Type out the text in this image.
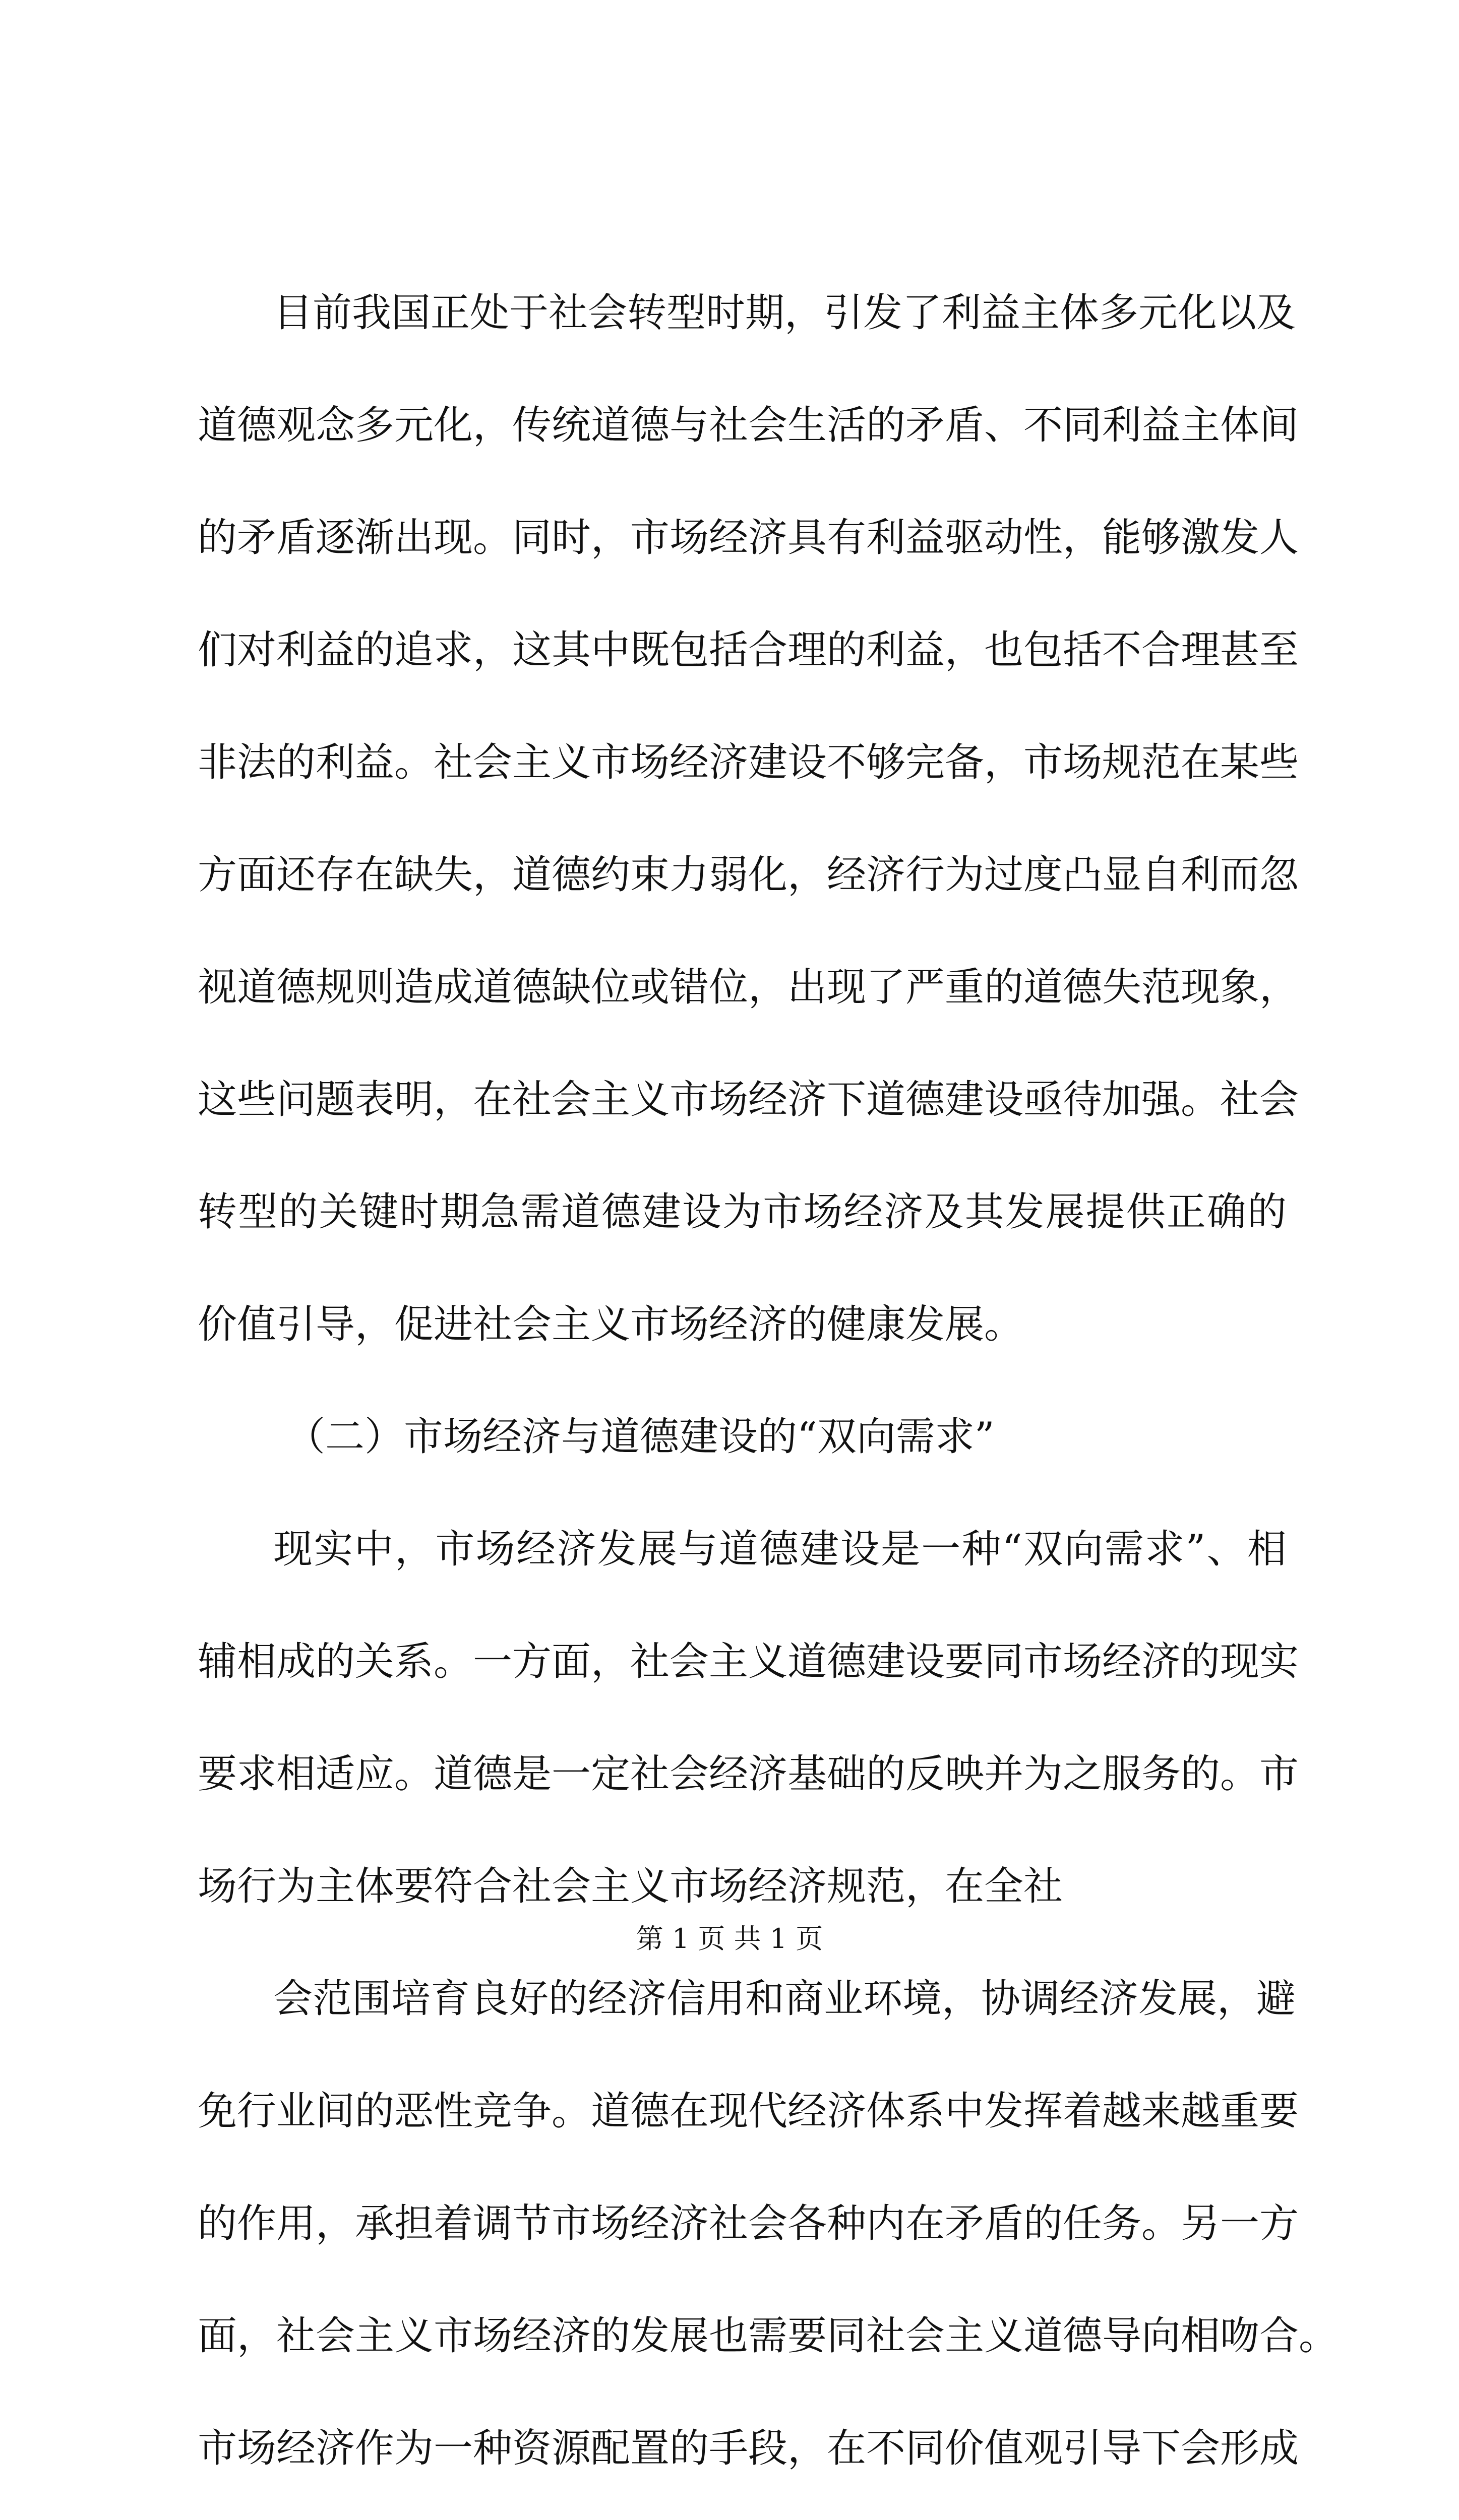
目前我国正处于社会转型时期，引发了利益主体多元化以及
道德观念多元化，传统道德与社会生活的矛盾、不同利益主体间
的矛盾逐渐出现。同时，市场经济具有利益驱动性，能够激发人
们对利益的追求，这其中既包括合理的利益，也包括不合理甚至
非法的利益。社会主义市场经济建设不够完备，市场规范在某些
方面还存在缺失，道德约束力弱化，经济行为过度凸显自利而忽
视道德规则造成道德缺位或错位，出现了严重的道德失范现象，
这些问题表明，在社会主义市场经济下道德建设亟待加强。社会
转型的关键时期急需道德建设为市场经济及其发展提供正确的
价值引导，促进社会主义市场经济的健康发展。
（二）市场经济与道德建设的“双向需求”
现实中，市场经济发展与道德建设是一种“双向需求”、相
辅相成的关系。一方面，社会主义道德建设要同市场经济的现实
要求相适应。道德是一定社会经济基础的反映并为之服务的。市
场行为主体要符合社会主义市场经济规范，在全社
会范围培育良好的经济信用和商业环境，协调经济发展，避
免行业间的恶性竞争。道德在现代经济体系中发挥着越来越重要
的作用，承担着调节市场经济社会各种内在矛盾的任务。另一方
面，社会主义市场经济的发展也需要同社会主义道德导向相吻合。
市场经济作为一种资源配置的手段，在不同价值观引导下会形成
第 1 页 共 1 页
